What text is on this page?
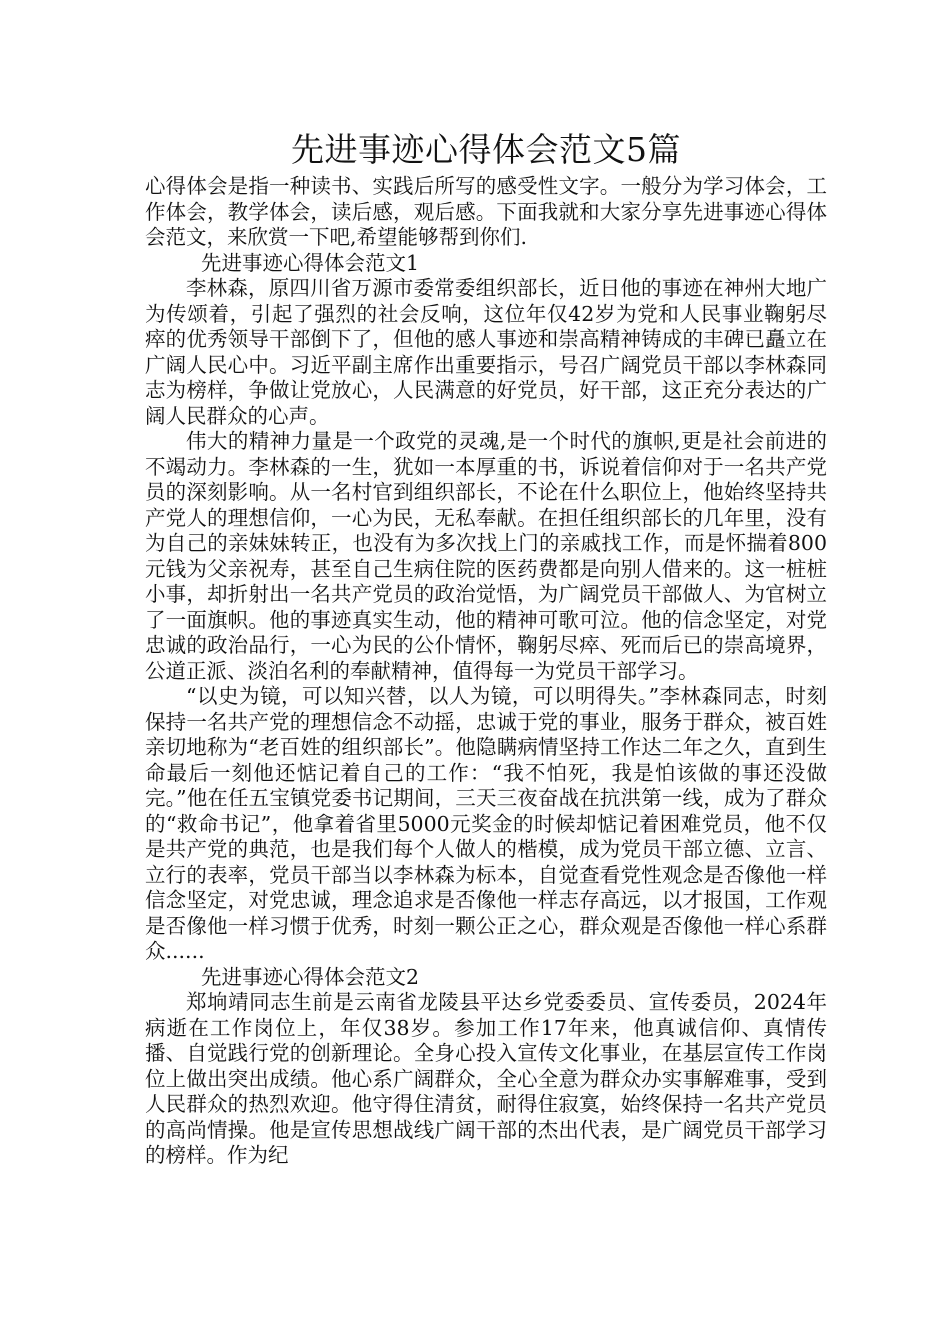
先进事迹心得体会范文5篇

心得体会是指一种读书、实践后所写的感受性文字。一般分为学习体会，工作体会，教学体会，读后感，观后感。下面我就和大家分享先进事迹心得体会范文，来欣赏一下吧,希望能够帮到你们.

先进事迹心得体会范文1

李林森，原四川省万源市委常委组织部长，近日他的事迹在神州大地广为传颂着，引起了强烈的社会反响，这位年仅42岁为党和人民事业鞠躬尽瘁的优秀领导干部倒下了，但他的感人事迹和崇高精神铸成的丰碑已矗立在广阔人民心中。习近平副主席作出重要指示，号召广阔党员干部以李林森同志为榜样，争做让党放心，人民满意的好党员，好干部，这正充分表达的广阔人民群众的心声。

伟大的精神力量是一个政党的灵魂,是一个时代的旗帜,更是社会前进的不竭动力。李林森的一生，犹如一本厚重的书，诉说着信仰对于一名共产党员的深刻影响。从一名村官到组织部长，不论在什么职位上，他始终坚持共产党人的理想信仰，一心为民，无私奉献。在担任组织部长的几年里，没有为自己的亲妹妹转正，也没有为多次找上门的亲戚找工作，而是怀揣着800元钱为父亲祝寿，甚至自己生病住院的医药费都是向别人借来的。这一桩桩小事，却折射出一名共产党员的政治觉悟，为广阔党员干部做人、为官树立了一面旗帜。他的事迹真实生动，他的精神可歌可泣。他的信念坚定，对党忠诚的政治品行，一心为民的公仆情怀，鞠躬尽瘁、死而后已的崇高境界，公道正派、淡泊名利的奉献精神，值得每一为党员干部学习。

“以史为镜，可以知兴替，以人为镜，可以明得失。”李林森同志，时刻保持一名共产党的理想信念不动摇，忠诚于党的事业，服务于群众，被百姓亲切地称为“老百姓的组织部长”。他隐瞒病情坚持工作达二年之久，直到生命最后一刻他还惦记着自己的工作：“我不怕死，我是怕该做的事还没做完。”他在任五宝镇党委书记期间，三天三夜奋战在抗洪第一线，成为了群众的“救命书记”，他拿着省里5000元奖金的时候却惦记着困难党员，他不仅是共产党的典范，也是我们每个人做人的楷模，成为党员干部立德、立言、立行的表率，党员干部当以李林森为标本，自觉查看党性观念是否像他一样信念坚定，对党忠诚，理念追求是否像他一样志存高远，以才报国，工作观是否像他一样习惯于优秀，时刻一颗公正之心，群众观是否像他一样心系群众......

先进事迹心得体会范文2

郑垧靖同志生前是云南省龙陵县平达乡党委委员、宣传委员，2024年病逝在工作岗位上，年仅38岁。参加工作17年来，他真诚信仰、真情传播、自觉践行党的创新理论。全身心投入宣传文化事业，在基层宣传工作岗位上做出突出成绩。他心系广阔群众，全心全意为群众办实事解难事，受到人民群众的热烈欢迎。他守得住清贫，耐得住寂寞，始终保持一名共产党员的高尚情操。他是宣传思想战线广阔干部的杰出代表，是广阔党员干部学习的榜样。作为纪
